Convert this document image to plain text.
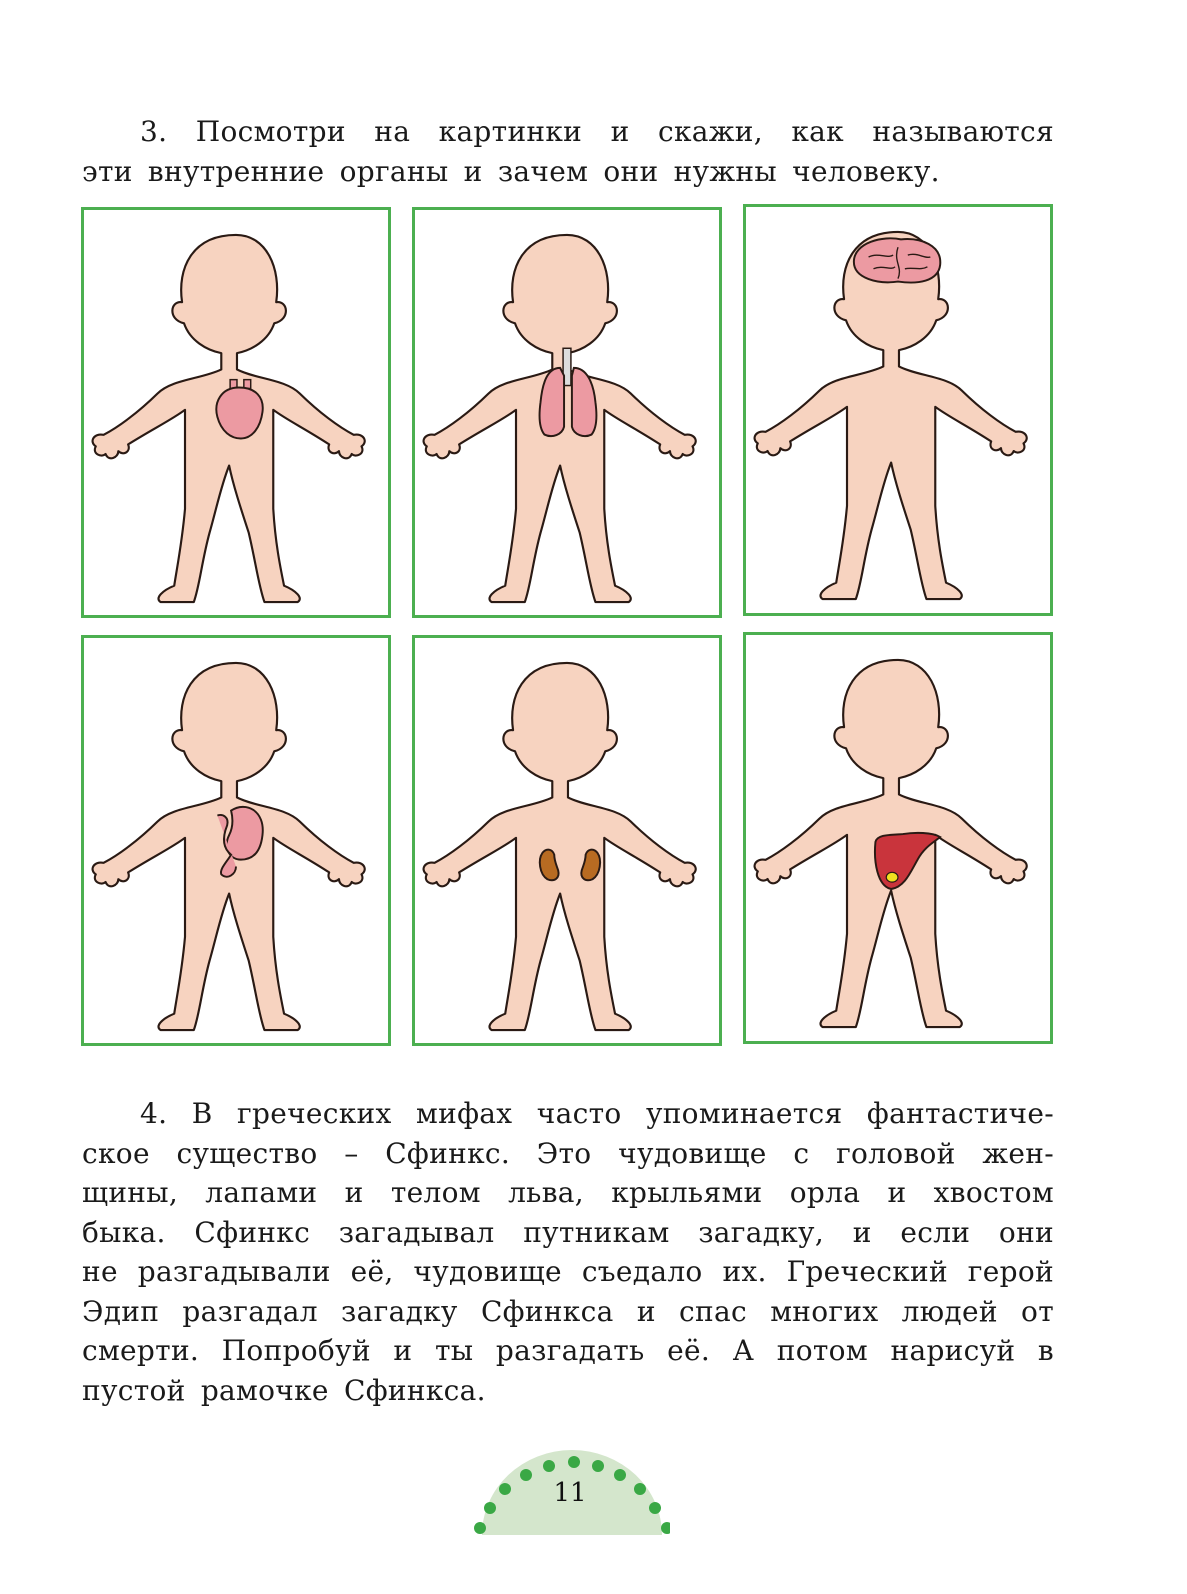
3. Посмотри на картинки и скажи, как называются
эти внутренние органы и зачем они нужны человеку.
4. В греческих мифах часто упоминается фантастиче-
ское существо – Сфинкс. Это чудовище с головой жен-
щины, лапами и телом льва, крыльями орла и хвостом
быка. Сфинкс загадывал путникам загадку, и если они
не разгадывали её, чудовище съедало их. Греческий герой
Эдип разгадал загадку Сфинкса и спас многих людей от
смерти. Попробуй и ты разгадать её. А потом нарисуй в
пустой рамочке Сфинкса.
11
